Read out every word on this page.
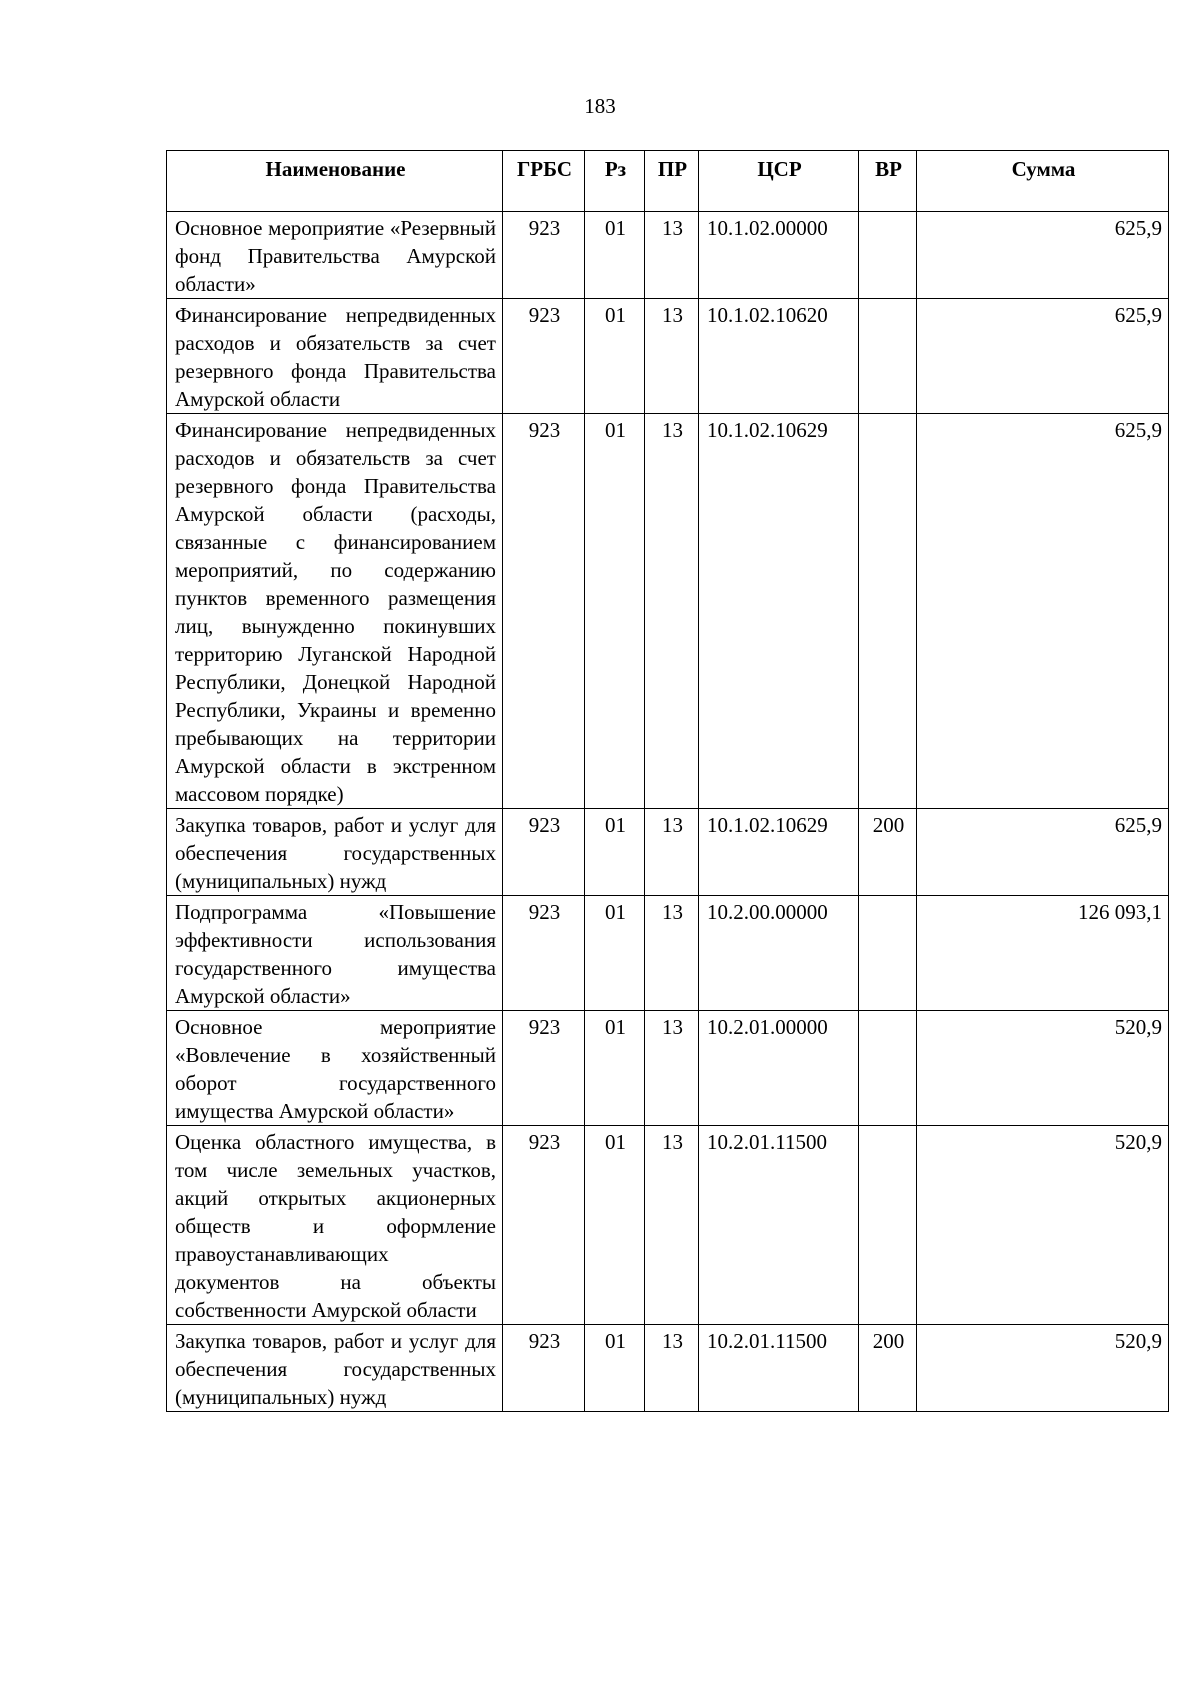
183
Наименование	ГРБС	Рз	ПР	ЦСР	ВР	Сумма
Основное мероприятие «Резервный фонд Правительства Амурской области»	923	01	13	10.1.02.00000		625,9
Финансирование непредвиденных расходов и обязательств за счет резервного фонда Правительства Амурской области	923	01	13	10.1.02.10620		625,9
Финансирование непредвиденных расходов и обязательств за счет резервного фонда Правительства Амурской области (расходы, связанные с финансированием мероприятий, по содержанию пунктов временного размещения лиц, вынужденно покинувших территорию Луганской Народной Республики, Донецкой Народной Республики, Украины и временно пребывающих на территории Амурской области в экстренном массовом порядке)	923	01	13	10.1.02.10629		625,9
Закупка товаров, работ и услуг для обеспечения государственных (муниципальных) нужд	923	01	13	10.1.02.10629	200	625,9
Подпрограмма «Повышение эффективности использования государственного имущества Амурской области»	923	01	13	10.2.00.00000		126 093,1
Основное мероприятие «Вовлечение в хозяйственный оборот государственного имущества Амурской области»	923	01	13	10.2.01.00000		520,9
Оценка областного имущества, в том числе земельных участков, акций открытых акционерных обществ и оформление правоустанавливающих документов на объекты собственности Амурской области	923	01	13	10.2.01.11500		520,9
Закупка товаров, работ и услуг для обеспечения государственных (муниципальных) нужд	923	01	13	10.2.01.11500	200	520,9
